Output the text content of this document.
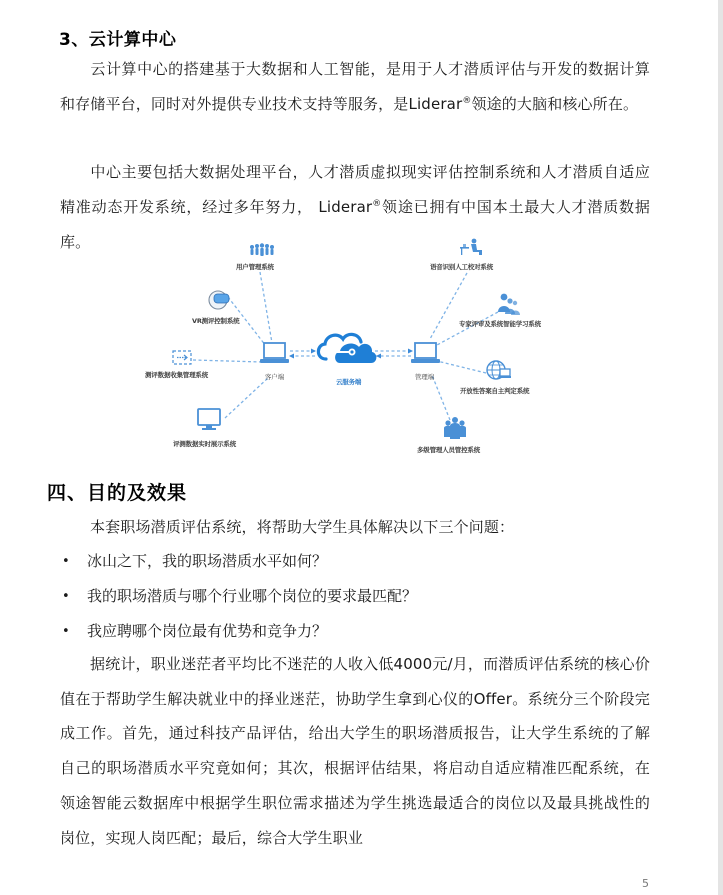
3、云计算中心
云计算中心的搭建基于大数据和人工智能，是用于人才潜质评估与开发的数据计算和存储平台，同时对外提供专业技术支持等服务，是Liderar®领途的大脑和核心所在。
中心主要包括大数据处理平台，人才潜质虚拟现实评估控制系统和人才潜质自适应精准动态开发系统，经过多年努力， Liderar®领途已拥有中国本土最大人才潜质数据库。
用户管理系统
VR测评控制系统
测评数据收集管理系统
评测数据实时展示系统
客户端
云服务端
管理端
语音识别人工校对系统
专家评审及系统智能学习系统
开放性答案自主判定系统
多级管理人员管控系统
四、目的及效果
本套职场潜质评估系统，将帮助大学生具体解决以下三个问题：
• 冰山之下，我的职场潜质水平如何？
• 我的职场潜质与哪个行业哪个岗位的要求最匹配？
• 我应聘哪个岗位最有优势和竞争力？
据统计，职业迷茫者平均比不迷茫的人收入低4000元/月，而潜质评估系统的核心价值在于帮助学生解决就业中的择业迷茫，协助学生拿到心仪的Offer。系统分三个阶段完成工作。首先，通过科技产品评估，给出大学生的职场潜质报告，让大学生系统的了解自己的职场潜质水平究竟如何；其次，根据评估结果，将启动自适应精准匹配系统，在领途智能云数据库中根据学生职位需求描述为学生挑选最适合的岗位以及最具挑战性的岗位，实现人岗匹配；最后，综合大学生职业
5
